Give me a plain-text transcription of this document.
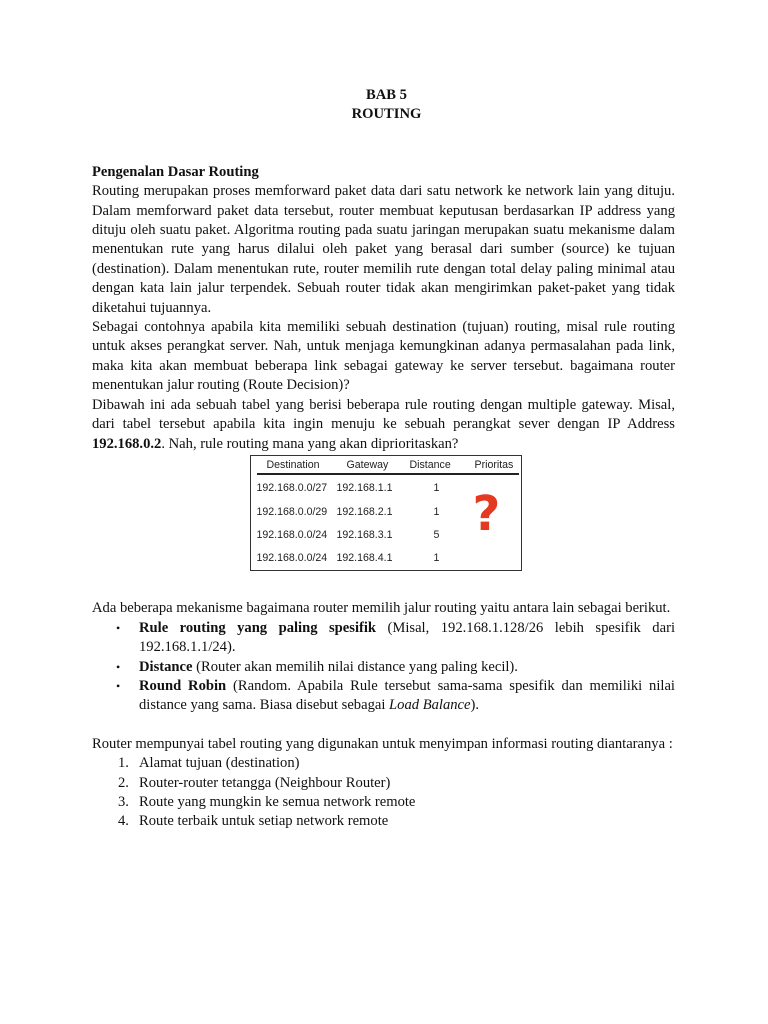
BAB 5
ROUTING
Pengenalan Dasar Routing

Routing merupakan proses memforward paket data dari satu network ke network lain yang dituju. Dalam memforward paket data tersebut, router membuat keputusan berdasarkan IP address yang dituju oleh suatu paket. Algoritma routing pada suatu jaringan merupakan suatu mekanisme dalam menentukan rute yang harus dilalui oleh paket yang berasal dari sumber (source) ke tujuan (destination). Dalam menentukan rute, router memilih rute dengan total delay paling minimal atau dengan kata lain jalur terpendek. Sebuah router tidak akan mengirimkan paket-paket yang tidak diketahui tujuannya.

Sebagai contohnya apabila kita memiliki sebuah destination (tujuan) routing, misal rule routing untuk akses perangkat server. Nah, untuk menjaga kemungkinan adanya permasalahan pada link, maka kita akan membuat beberapa link sebagai gateway ke server tersebut. bagaimana router menentukan jalur routing (Route Decision)?

Dibawah ini ada sebuah tabel yang berisi beberapa rule routing dengan multiple gateway. Misal, dari tabel tersebut apabila kita ingin menuju ke sebuah perangkat sever dengan IP Address 192.168.0.2. Nah, rule routing mana yang akan diprioritaskan?

Destination	Gateway Distance Prioritas
192.168.0.0/27 192.168.1.1	1
192.168.0.0/29 192.168.2.1	1
192.168.0.0/24 192.168.3.1	5
192.168.0.0/24 192.168.4.1	1
?

Ada beberapa mekanisme bagaimana router memilih jalur routing yaitu antara lain sebagai berikut.

• Rule routing yang paling spesifik (Misal, 192.168.1.128/26 lebih spesifik dari 192.168.1.1/24).
• Distance (Router akan memilih nilai distance yang paling kecil).
• Round Robin (Random. Apabila Rule tersebut sama-sama spesifik dan memiliki nilai distance yang sama. Biasa disebut sebagai Load Balance).

Router mempunyai tabel routing yang digunakan untuk menyimpan informasi routing diantaranya :

1. Alamat tujuan (destination)
2. Router-router tetangga (Neighbour Router)
3. Route yang mungkin ke semua network remote
4. Route terbaik untuk setiap network remote
